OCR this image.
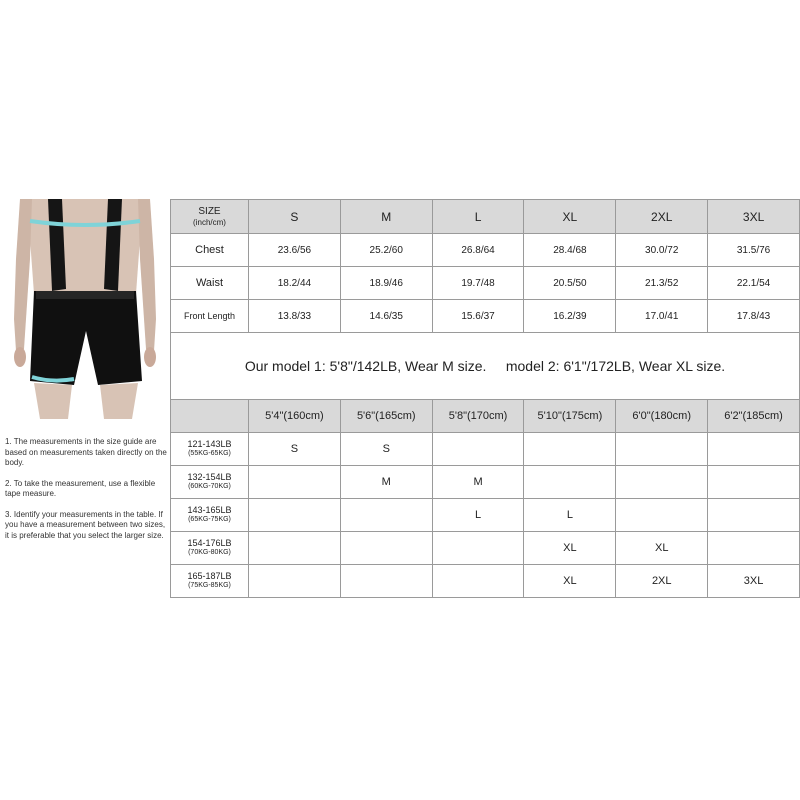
1. The measurements in the size guide are based on measurements taken directly on the body.

2. To take the measurement, use a flexible tape measure.

3. Identify your measurements in the table. If you have a measurement between two sizes, it is preferable that you select the larger size.

SIZE
(inch/cm)	S	M	L	XL	2XL	3XL
Chest	23.6/56	25.2/60	26.8/64	28.4/68	30.0/72	31.5/76
Waist	18.2/44	18.9/46	19.7/48	20.5/50	21.3/52	22.1/54
Front Length	13.8/33	14.6/35	15.6/37	16.2/39	17.0/41	17.8/43
Our model 1: 5'8"/142LB, Wear M size.     model 2: 6'1"/172LB, Wear XL size.
	5'4"(160cm)	5'6"(165cm)	5'8"(170cm)	5'10"(175cm)	6'0"(180cm)	6'2"(185cm)
121-143LB
(55KG-65KG)	S	S				
132-154LB
(60KG-70KG)		M	M			
143-165LB
(65KG-75KG)			L	L		
154-176LB
(70KG-80KG)				XL	XL	
165-187LB
(75KG-85KG)				XL	2XL	3XL
